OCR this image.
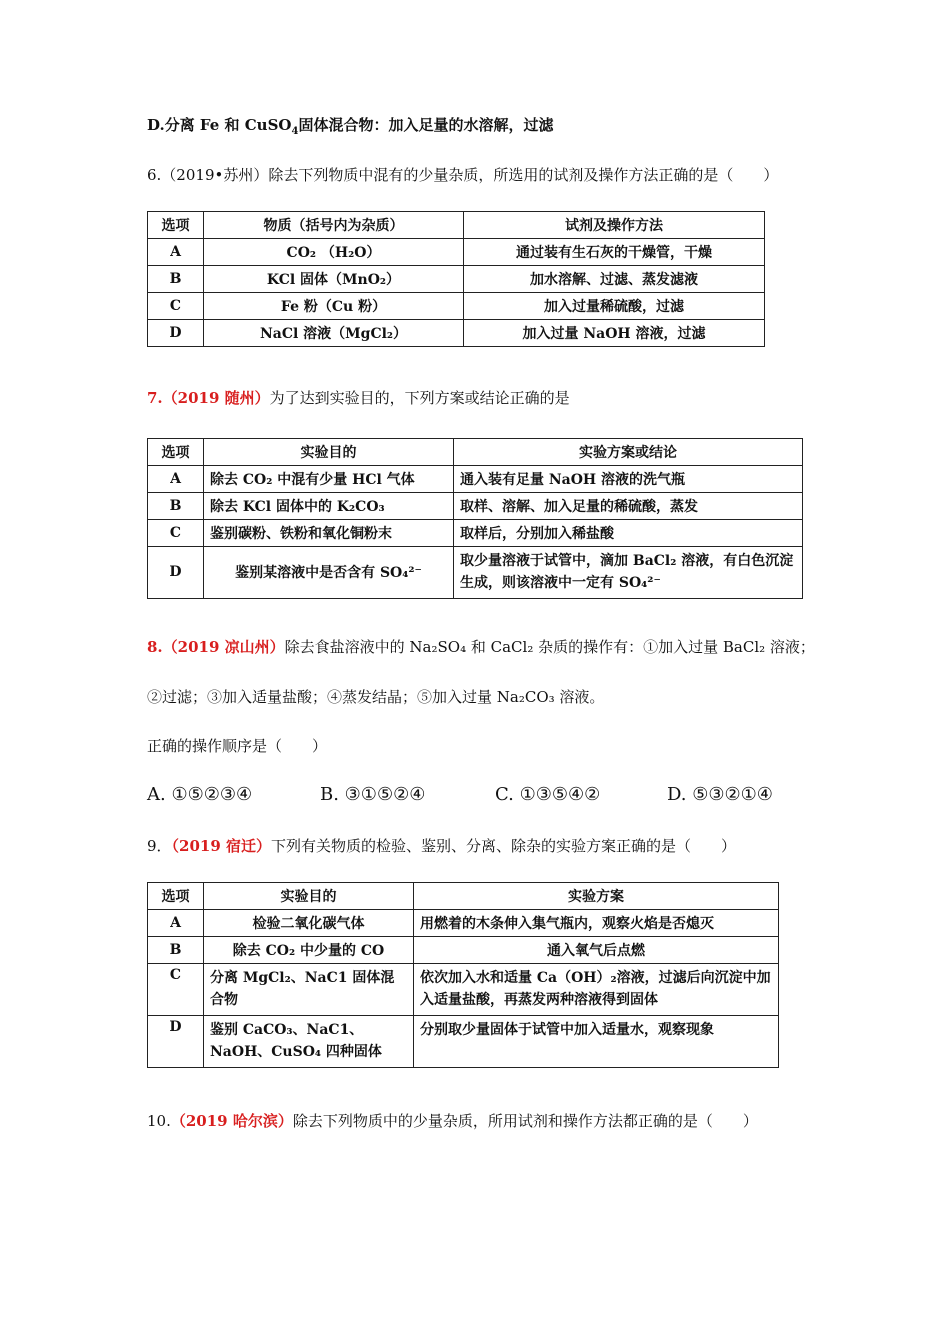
D.分离 Fe 和 CuSO$_4$固体混合物：加入足量的水溶解，过滤
6.（2019•苏州）除去下列物质中混有的少量杂质，所选用的试剂及操作方法正确的是（　　）
选项	物质（括号内为杂质）	试剂及操作方法
A	CO₂ （H₂O）	通过装有生石灰的干燥管，干燥
B	KCl 固体（MnO₂）	加水溶解、过滤、蒸发滤液
C	Fe 粉（Cu 粉）	加入过量稀硫酸，过滤
D	NaCl 溶液（MgCl₂）	加入过量 NaOH 溶液，过滤
7.（2019 随州）为了达到实验目的，下列方案或结论正确的是
选项	实验目的	实验方案或结论
A	除去 CO₂ 中混有少量 HCl 气体	通入装有足量 NaOH 溶液的洗气瓶
B	除去 KCl 固体中的 K₂CO₃	取样、溶解、加入足量的稀硫酸，蒸发
C	鉴别碳粉、铁粉和氧化铜粉末	取样后，分别加入稀盐酸
D	鉴别某溶液中是否含有 SO₄²⁻	取少量溶液于试管中，滴加 BaCl₂ 溶液，有白色沉淀生成，则该溶液中一定有 SO₄²⁻
8.（2019 凉山州）除去食盐溶液中的 Na₂SO₄ 和 CaCl₂ 杂质的操作有：①加入过量 BaCl₂ 溶液；
②过滤；③加入适量盐酸；④蒸发结晶；⑤加入过量 Na₂CO₃ 溶液。
正确的操作顺序是（　　）
A. ①⑤②③④	B. ③①⑤②④	C. ①③⑤④②	D. ⑤③②①④
9．（2019 宿迁）下列有关物质的检验、鉴别、分离、除杂的实验方案正确的是（　　）
选项	实验目的	实验方案
A	检验二氧化碳气体	用燃着的木条伸入集气瓶内，观察火焰是否熄灭
B	除去 CO₂ 中少量的 CO	通入氧气后点燃
C	分离 MgCl₂、NaC1 固体混合物	依次加入水和适量 Ca（OH）₂溶液，过滤后向沉淀中加入适量盐酸，再蒸发两种溶液得到固体
D	鉴别 CaCO₃、NaC1、NaOH、CuSO₄ 四种固体	分别取少量固体于试管中加入适量水，观察现象
10.（2019 哈尔滨）除去下列物质中的少量杂质，所用试剂和操作方法都正确的是（　　）
